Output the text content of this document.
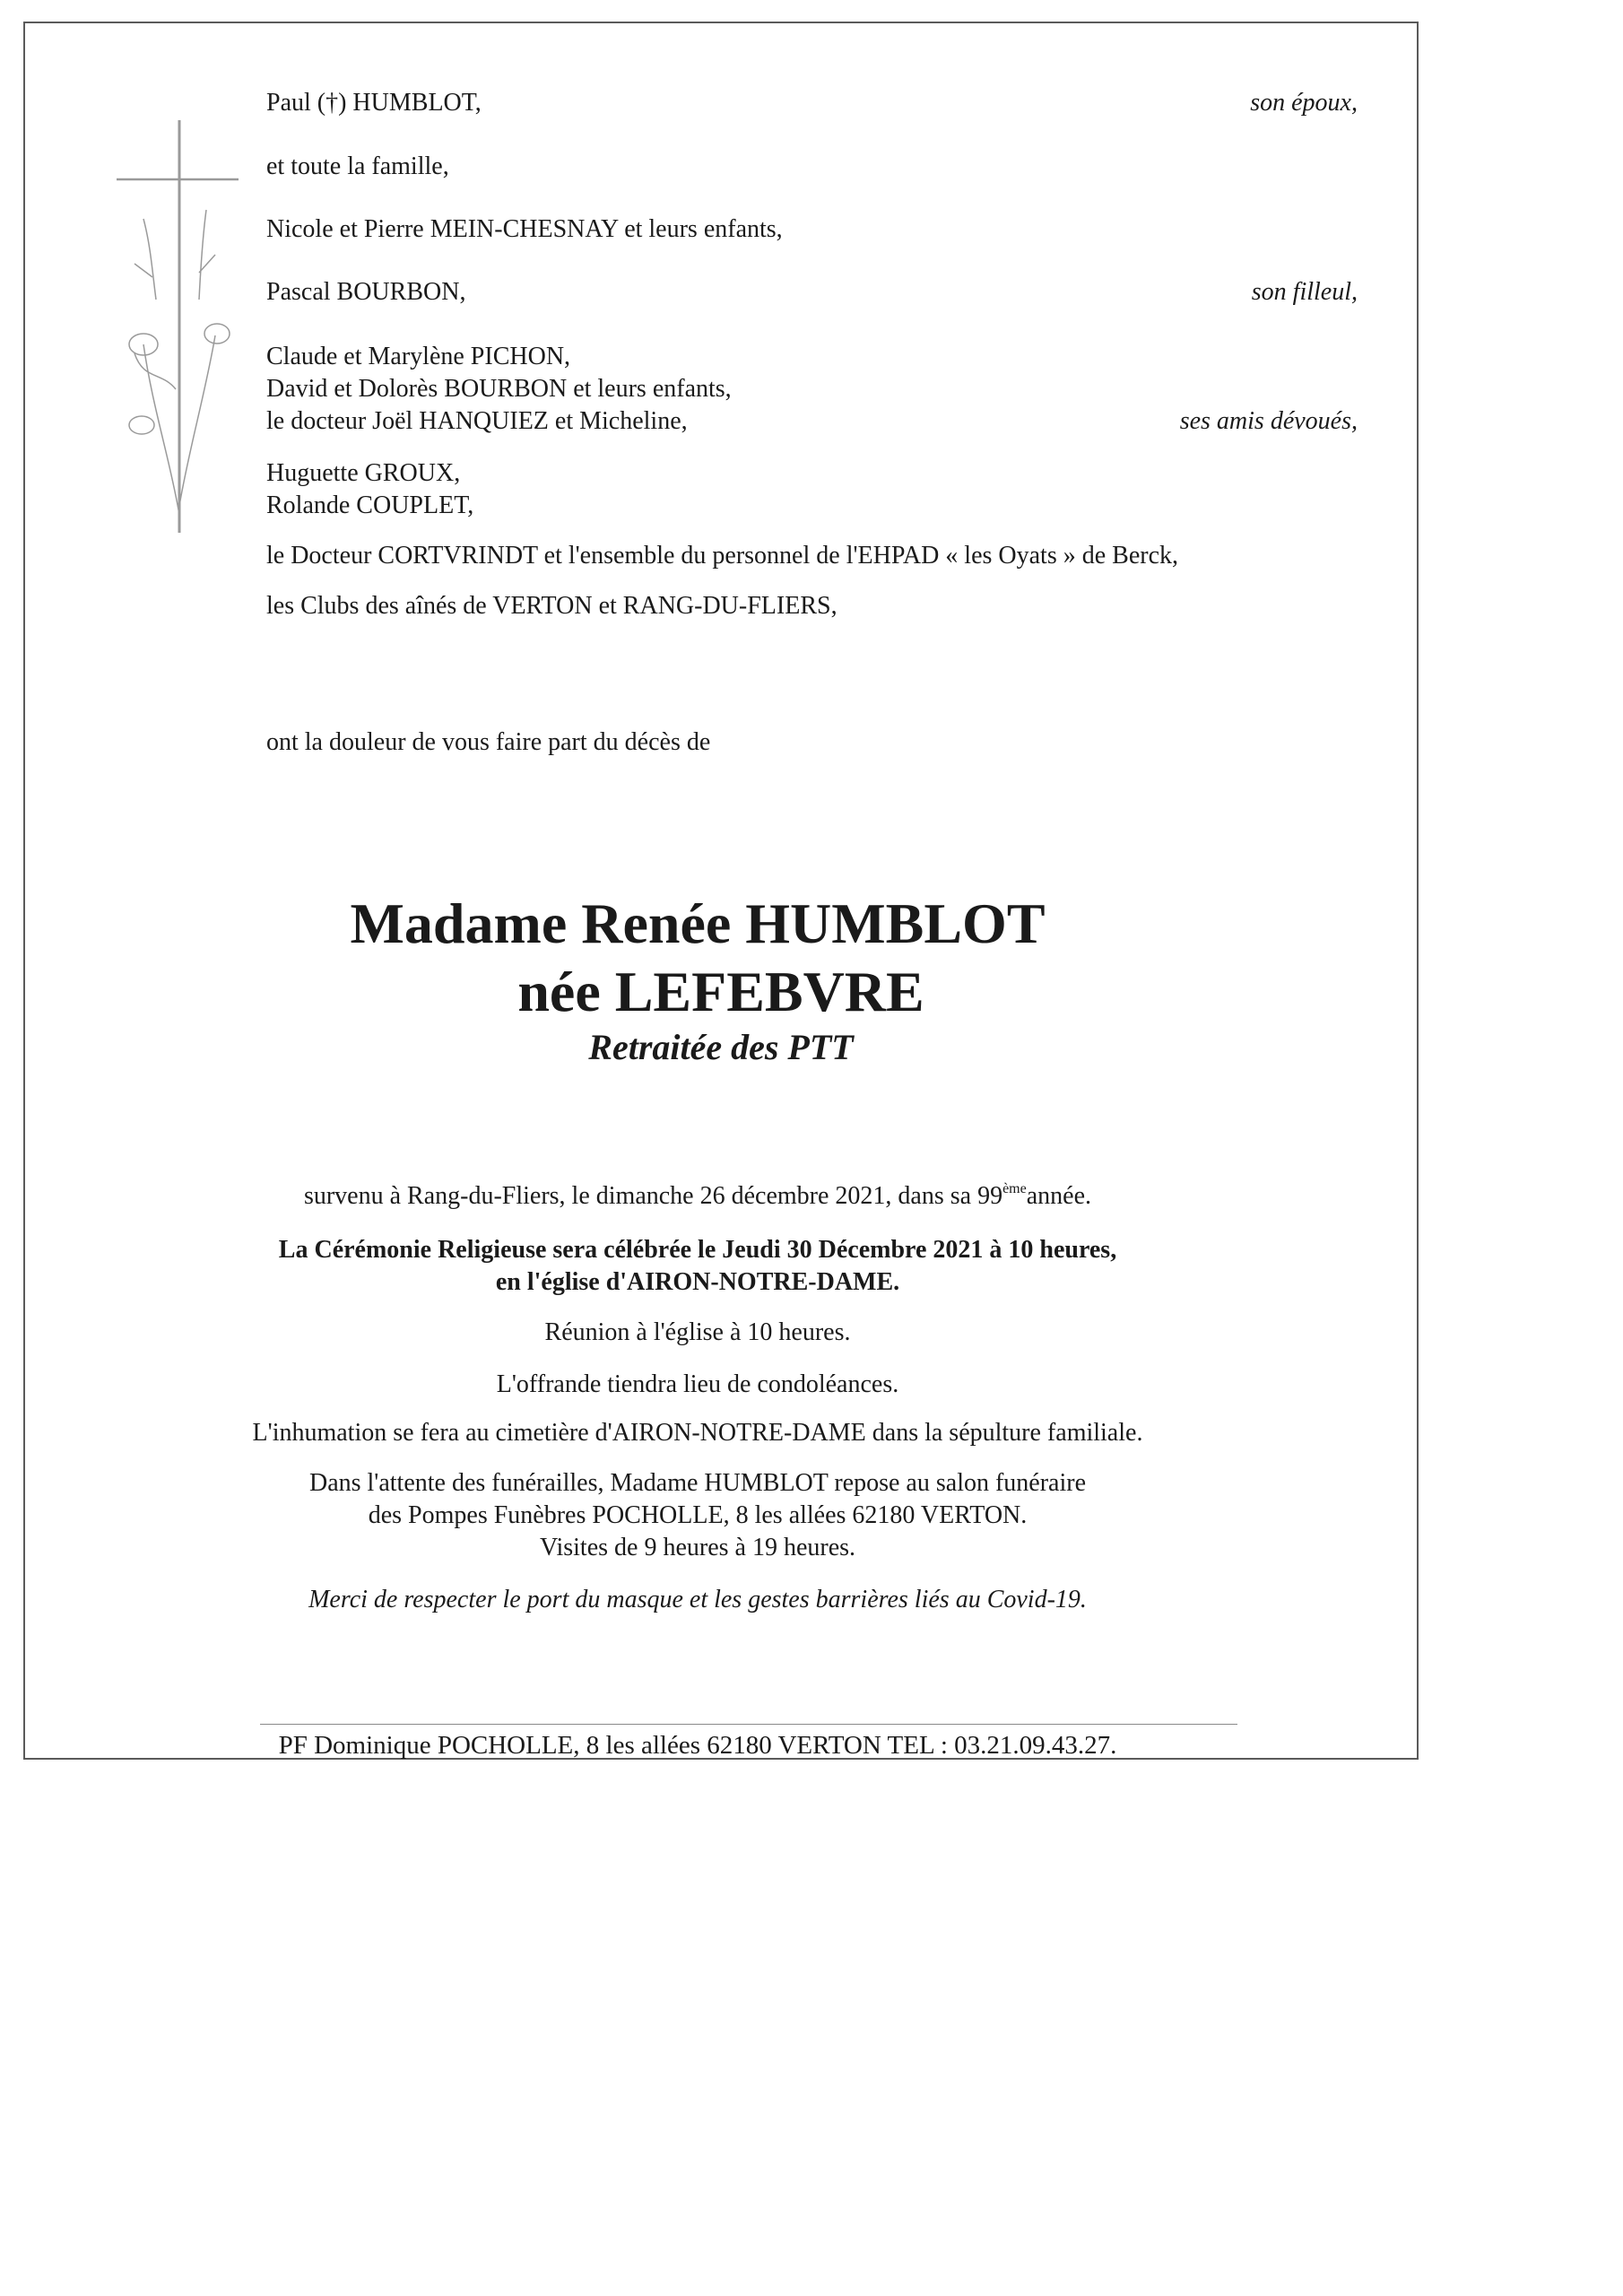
Paul (†) HUMBLOT,	son époux,
et toute la famille,
Nicole et Pierre MEIN-CHESNAY et leurs enfants,
Pascal BOURBON,	son filleul,
Claude et Marylène PICHON,
David et Dolorès BOURBON et leurs enfants,
le docteur Joël HANQUIEZ et Micheline,	ses amis dévoués,
Huguette GROUX,
Rolande COUPLET,
le Docteur CORTVRINDT et l'ensemble du personnel de l'EHPAD « les Oyats » de Berck,
les Clubs des aînés de VERTON et RANG-DU-FLIERS,
ont la douleur de vous faire part du décès de
Madame Renée HUMBLOT
née LEFEBVRE
Retraitée des PTT
survenu à Rang-du-Fliers, le dimanche 26 décembre 2021, dans sa 99èmeannée.
La Cérémonie Religieuse sera célébrée le Jeudi 30 Décembre 2021 à 10 heures,
en l'église d'AIRON-NOTRE-DAME.
Réunion à l'église à 10 heures.
L'offrande tiendra lieu de condoléances.
L'inhumation se fera au cimetière d'AIRON-NOTRE-DAME dans la sépulture familiale.
Dans l'attente des funérailles, Madame HUMBLOT repose au salon funéraire
des Pompes Funèbres POCHOLLE, 8 les allées 62180 VERTON.
Visites de 9 heures à 19 heures.
Merci de respecter le port du masque et les gestes barrières liés au Covid-19.
PF Dominique POCHOLLE, 8 les allées 62180 VERTON TEL : 03.21.09.43.27.
